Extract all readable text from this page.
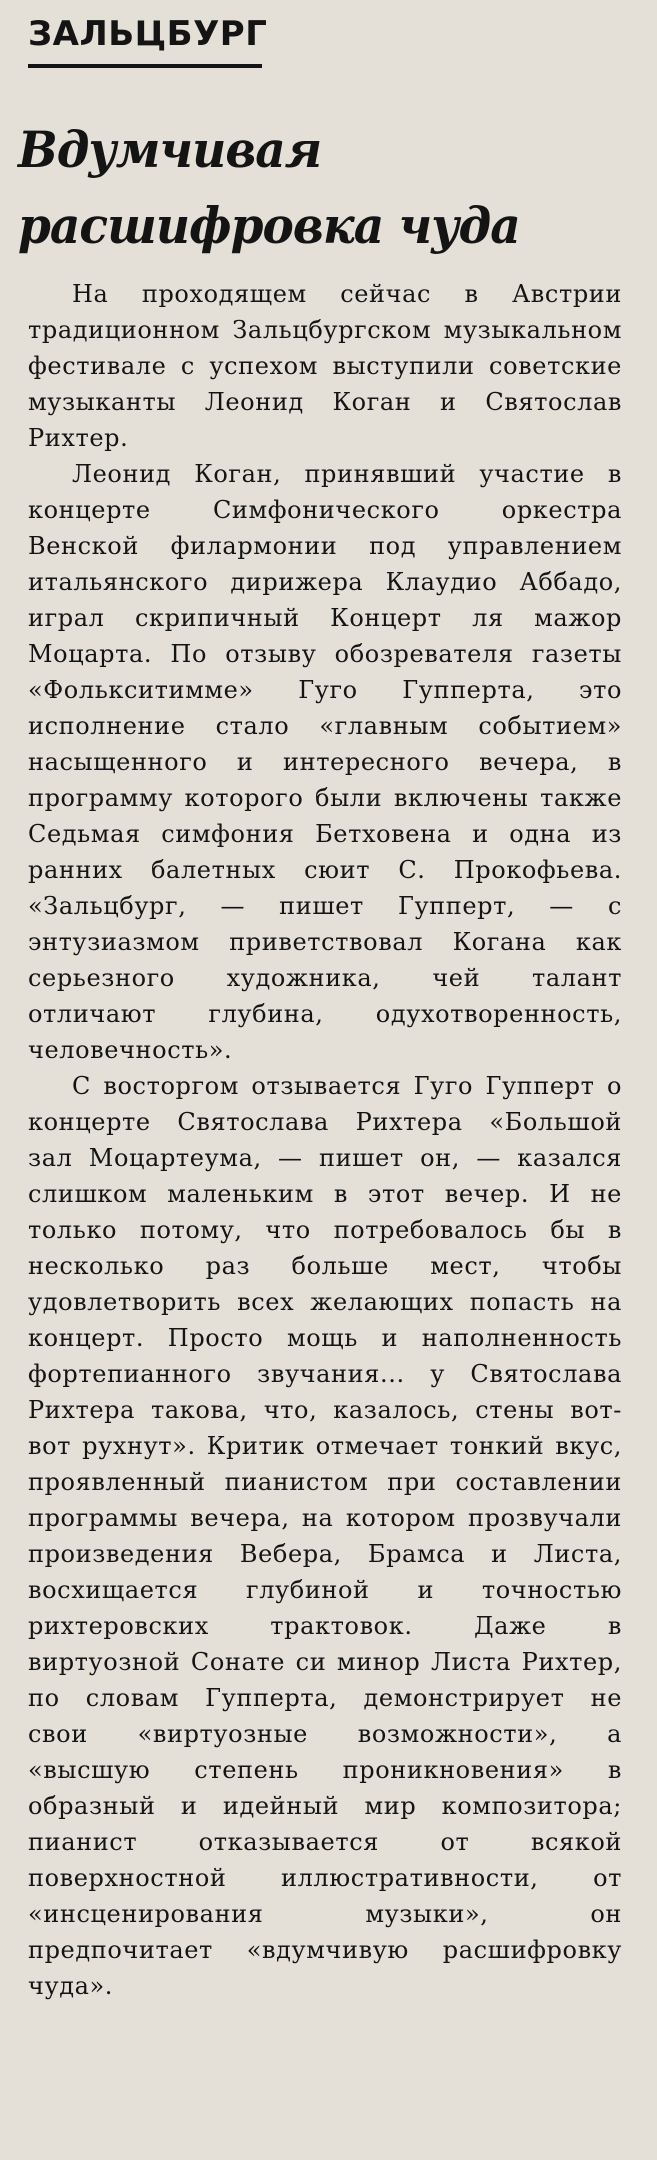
ЗАЛЬЦБУРГ
Вдумчивая
расшифровка чуда

На проходящем сейчас в Австрии традиционном Зальцбургском музыкальном фестивале с успехом выступили советские музыканты Леонид Коган и Святослав Рихтер.

Леонид Коган, принявший участие в концерте Симфонического оркестра Венской филармонии под управлением итальянского дирижера Клаудио Аббадо, играл скрипичный Концерт ля мажор Моцарта. По отзыву обозревателя газеты «Фолькситимме» Гуго Гупперта, это исполнение стало «главным событием» насыщенного и интересного вечера, в программу которого были включены также Седьмая симфония Бетховена и одна из ранних балетных сюит С. Прокофьева. «Зальцбург, — пишет Гупперт, — с энтузиазмом приветствовал Когана как серьезного художника, чей талант отличают глубина, одухотворенность, человечность».

С восторгом отзывается Гуго Гупперт о концерте Святослава Рихтера «Большой зал Моцартеума, — пишет он, — казался слишком маленьким в этот вечер. И не только потому, что потребовалось бы в несколько раз больше мест, чтобы удовлетворить всех желающих попасть на концерт. Просто мощь и наполненность фортепианного звучания... у Святослава Рихтера такова, что, казалось, стены вот-вот рухнут». Критик отмечает тонкий вкус, проявленный пианистом при составлении программы вечера, на котором прозвучали произведения Вебера, Брамса и Листа, восхищается глубиной и точностью рихтеровских трактовок. Даже в виртуозной Сонате си минор Листа Рихтер, по словам Гупперта, демонстрирует не свои «виртуозные возможности», а «высшую степень проникновения» в образный и идейный мир композитора; пианист отказывается от всякой поверхностной иллюстративности, от «инсценирования музыки», он предпочитает «вдумчивую расшифровку чуда».
